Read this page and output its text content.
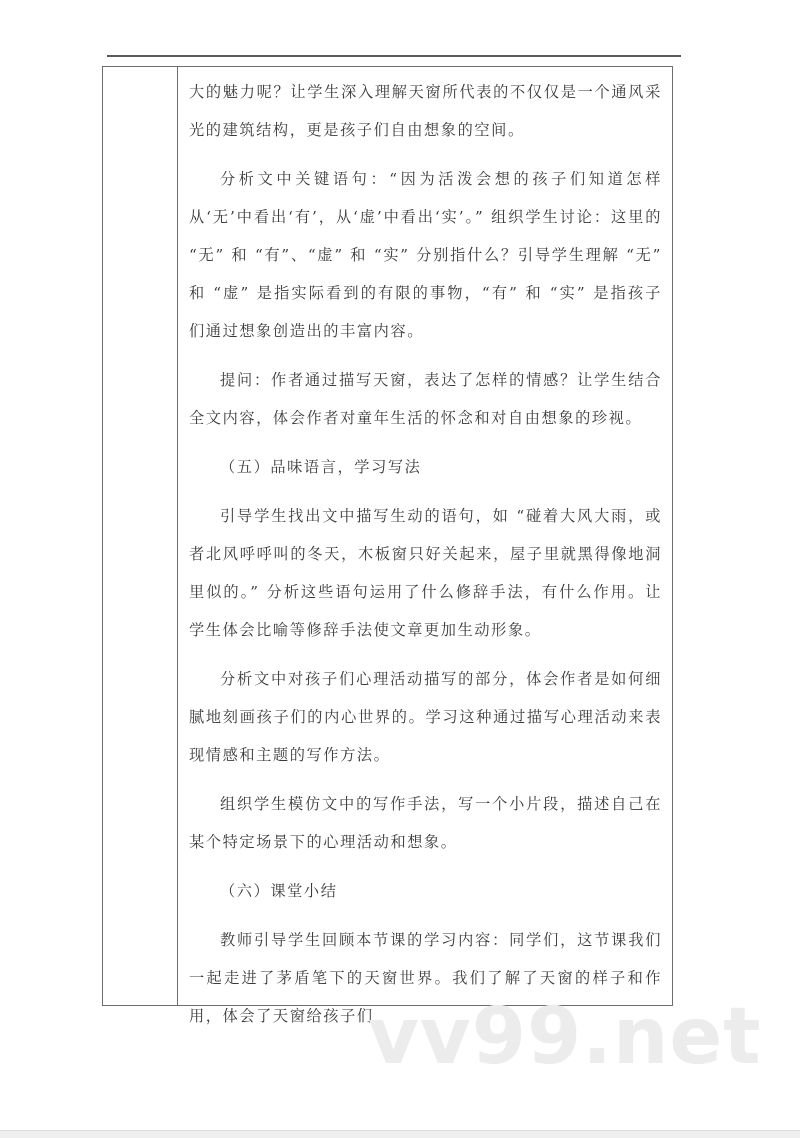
大的魅力呢？让学生深入理解天窗所代表的不仅仅是一个通风采光的建筑结构，更是孩子们自由想象的空间。

分析文中关键语句：“因为活泼会想的孩子们知道怎样从‘无’中看出‘有’，从‘虚’中看出‘实’。” 组织学生讨论：这里的 “无” 和 “有”、“虚” 和 “实” 分别指什么？引导学生理解 “无” 和 “虚” 是指实际看到的有限的事物，“有” 和 “实” 是指孩子们通过想象创造出的丰富内容。

提问：作者通过描写天窗，表达了怎样的情感？让学生结合全文内容，体会作者对童年生活的怀念和对自由想象的珍视。

（五）品味语言，学习写法

引导学生找出文中描写生动的语句，如 “碰着大风大雨，或者北风呼呼叫的冬天，木板窗只好关起来，屋子里就黑得像地洞里似的。” 分析这些语句运用了什么修辞手法，有什么作用。让学生体会比喻等修辞手法使文章更加生动形象。

分析文中对孩子们心理活动描写的部分，体会作者是如何细腻地刻画孩子们的内心世界的。学习这种通过描写心理活动来表现情感和主题的写作方法。

组织学生模仿文中的写作手法，写一个小片段，描述自己在某个特定场景下的心理活动和想象。

（六）课堂小结

教师引导学生回顾本节课的学习内容：同学们，这节课我们一起走进了茅盾笔下的天窗世界。我们了解了天窗的样子和作用，体会了天窗给孩子们

vv99.net
